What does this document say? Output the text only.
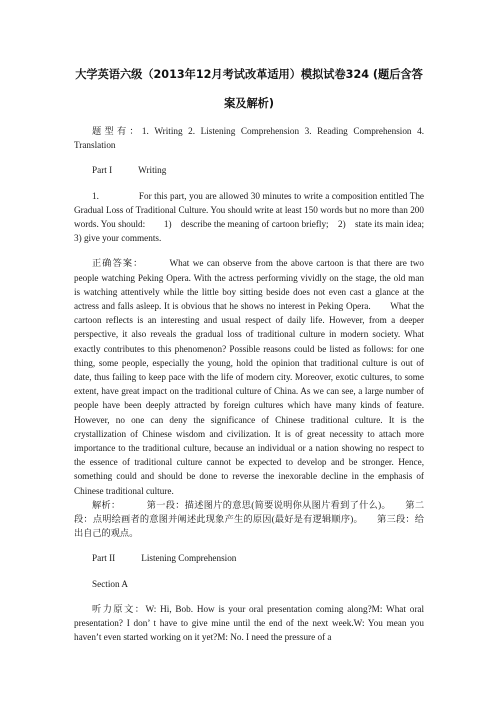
大学英语六级（2013年12月考试改革适用）模拟试卷324 (题后含答
案及解析)

题型有：1. Writing 2. Listening Comprehension 3. Reading Comprehension 4. Translation

Part I	Writing

1.	For this part, you are allowed 30 minutes to write a composition entitled The Gradual Loss of Traditional Culture. You should write at least 150 words but no more than 200 words. You should:　　1)　describe the meaning of cartoon briefly;　2)　state its main idea;　　3) give your comments.

正确答案：	What we can observe from the above cartoon is that there are two people watching Peking Opera. With the actress performing vividly on the stage, the old man is watching attentively while the little boy sitting beside does not even cast a glance at the actress and falls asleep. It is obvious that he shows no interest in Peking Opera.　　What the cartoon reflects is an interesting and usual respect of daily life. However, from a deeper perspective, it also reveals the gradual loss of traditional culture in modern society. What exactly contributes to this phenomenon? Possible reasons could be listed as follows: for one thing, some people, especially the young, hold the opinion that traditional culture is out of date, thus failing to keep pace with the life of modern city. Moreover, exotic cultures, to some extent, have great impact on the traditional culture of China. As we can see, a large number of people have been deeply attracted by foreign cultures which have many kinds of feature. However, no one can deny the significance of Chinese traditional culture. It is the crystallization of Chinese wisdom and civilization. It is of great necessity to attach more importance to the traditional culture, because an individual or a nation showing no respect to the essence of traditional culture cannot be expected to develop and be stronger. Hence, something could and should be done to reverse the inexorable decline in the emphasis of Chinese traditional culture.

解析：	第一段：描述图片的意思(简要说明你从图片看到了什么)。　　第二段：点明绘画者的意图并阐述此现象产生的原因(最好是有逻辑顺序)。　　第三段：给出自己的观点。

Part II	Listening Comprehension

Section A

听力原文：W: Hi, Bob. How is your oral presentation coming along?M: What oral presentation? I don’ t have to give mine until the end of the next week.W: You mean you haven’t even started working on it yet?M: No. I need the pressure of a
